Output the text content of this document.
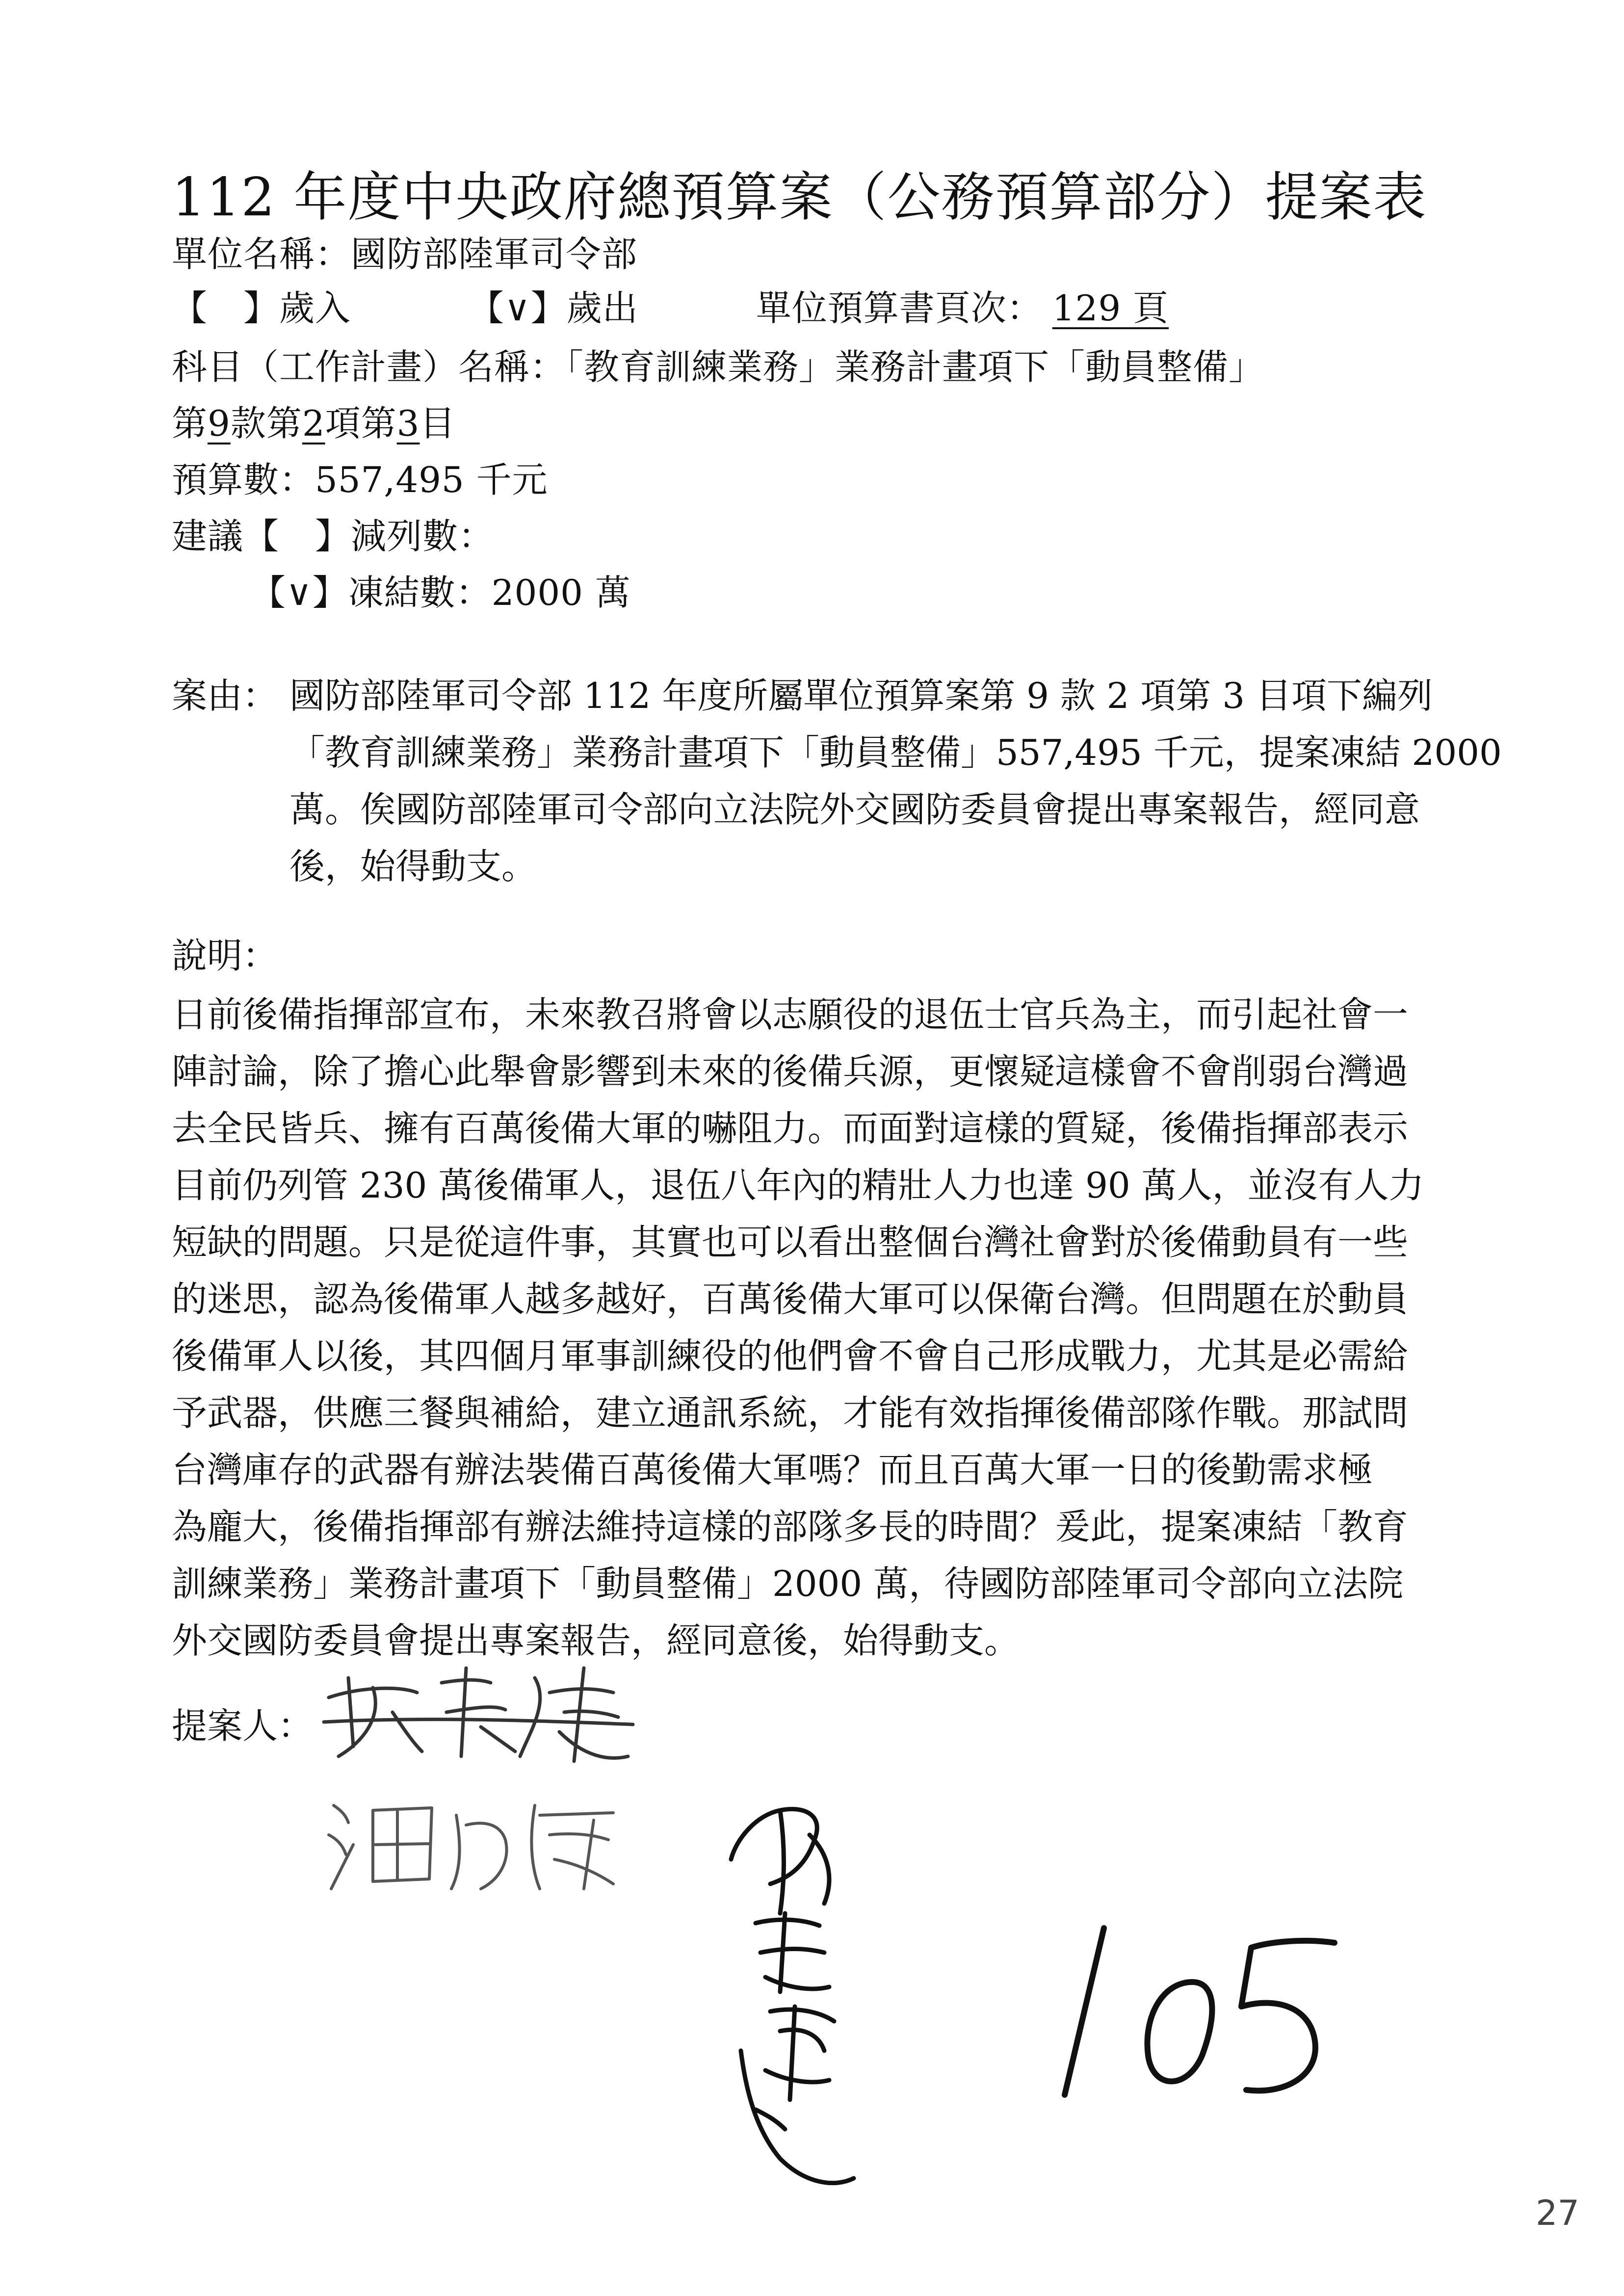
112 年度中央政府總預算案（公務預算部分）提案表
單位名稱：國防部陸軍司令部
【　】歲入	【∨】歲出	單位預算書頁次： 129 頁
科目（工作計畫）名稱：「教育訓練業務」業務計畫項下「動員整備」
第9款第2項第3目
預算數：557,495 千元
建議【　】減列數：
【∨】凍結數：2000 萬
案由： 國防部陸軍司令部 112 年度所屬單位預算案第 9 款 2 項第 3 目項下編列
「教育訓練業務」業務計畫項下「動員整備」557,495 千元，提案凍結 2000
萬。俟國防部陸軍司令部向立法院外交國防委員會提出專案報告，經同意
後，始得動支。
說明：
日前後備指揮部宣布，未來教召將會以志願役的退伍士官兵為主，而引起社會一
陣討論，除了擔心此舉會影響到未來的後備兵源，更懷疑這樣會不會削弱台灣過
去全民皆兵、擁有百萬後備大軍的嚇阻力。而面對這樣的質疑，後備指揮部表示
目前仍列管 230 萬後備軍人，退伍八年內的精壯人力也達 90 萬人，並沒有人力
短缺的問題。只是從這件事，其實也可以看出整個台灣社會對於後備動員有一些
的迷思，認為後備軍人越多越好，百萬後備大軍可以保衛台灣。但問題在於動員
後備軍人以後，其四個月軍事訓練役的他們會不會自己形成戰力，尤其是必需給
予武器，供應三餐與補給，建立通訊系統，才能有效指揮後備部隊作戰。那試問
台灣庫存的武器有辦法裝備百萬後備大軍嗎？而且百萬大軍一日的後勤需求極
為龐大，後備指揮部有辦法維持這樣的部隊多長的時間？爰此，提案凍結「教育
訓練業務」業務計畫項下「動員整備」2000 萬，待國防部陸軍司令部向立法院
外交國防委員會提出專案報告，經同意後，始得動支。
提案人：
27
